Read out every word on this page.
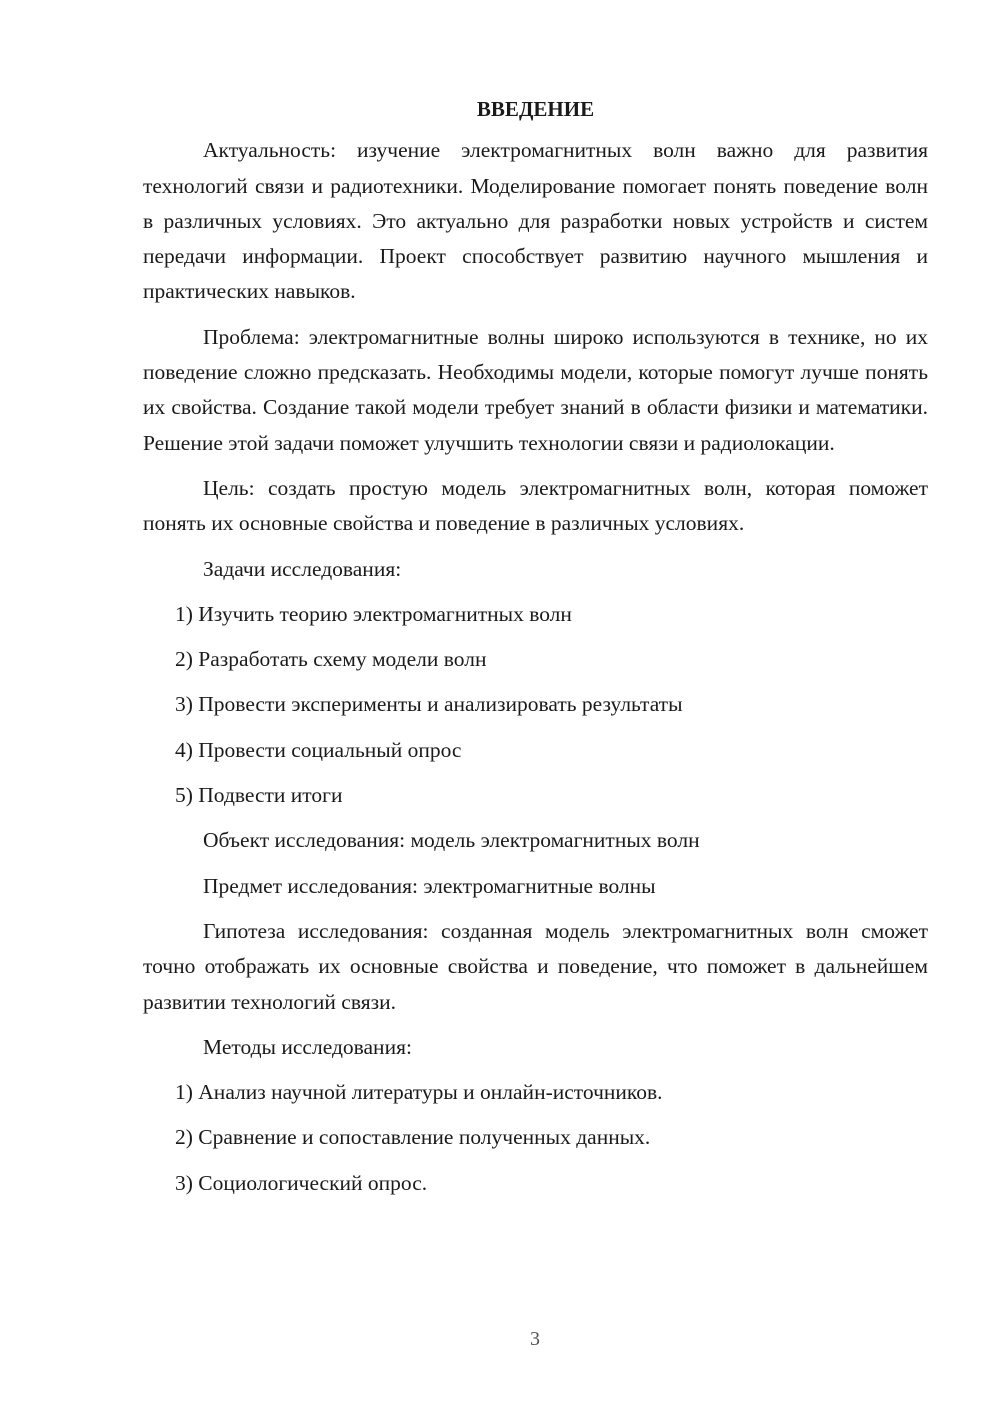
ВВЕДЕНИЕ

Актуальность: изучение электромагнитных волн важно для развития технологий связи и радиотехники. Моделирование помогает понять поведение волн в различных условиях. Это актуально для разработки новых устройств и систем передачи информации. Проект способствует развитию научного мышления и практических навыков.

Проблема: электромагнитные волны широко используются в технике, но их поведение сложно предсказать. Необходимы модели, которые помогут лучше понять их свойства. Создание такой модели требует знаний в области физики и математики. Решение этой задачи поможет улучшить технологии связи и радиолокации.

Цель: создать простую модель электромагнитных волн, которая поможет понять их основные свойства и поведение в различных условиях.

Задачи исследования:

1) Изучить теорию электромагнитных волн

2) Разработать схему модели волн

3) Провести эксперименты и анализировать результаты

4) Провести социальный опрос

5) Подвести итоги

Объект исследования: модель электромагнитных волн

Предмет исследования: электромагнитные волны

Гипотеза исследования: созданная модель электромагнитных волн сможет точно отображать их основные свойства и поведение, что поможет в дальнейшем развитии технологий связи.

Методы исследования:

1) Анализ научной литературы и онлайн-источников.

2) Сравнение и сопоставление полученных данных.

3) Социологический опрос.

3
